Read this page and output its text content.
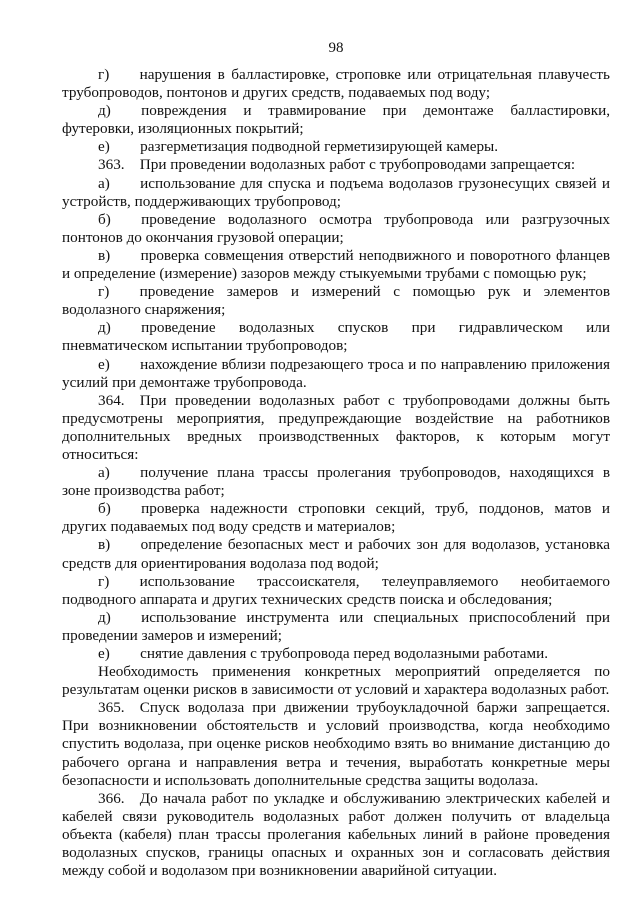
98

г)  нарушения в балластировке, строповке или отрицательная плавучесть трубопроводов, понтонов и других средств, подаваемых под воду;

д)  повреждения и травмирование при демонтаже балластировки, футеровки, изоляционных покрытий;

е)  разгерметизация подводной герметизирующей камеры.

363. При проведении водолазных работ с трубопроводами запрещается:

а)  использование для спуска и подъема водолазов грузонесущих связей и устройств, поддерживающих трубопровод;

б)  проведение водолазного осмотра трубопровода или разгрузочных понтонов до окончания грузовой операции;

в)  проверка совмещения отверстий неподвижного и поворотного фланцев и определение (измерение) зазоров между стыкуемыми трубами с помощью рук;

г)  проведение замеров и измерений с помощью рук и элементов водолазного снаряжения;

д)  проведение водолазных спусков при гидравлическом или пневматическом испытании трубопроводов;

е)  нахождение вблизи подрезающего троса и по направлению приложения усилий при демонтаже трубопровода.

364. При проведении водолазных работ с трубопроводами должны быть предусмотрены мероприятия, предупреждающие воздействие на работников дополнительных вредных производственных факторов, к которым могут относиться:

а)  получение плана трассы пролегания трубопроводов, находящихся в зоне производства работ;

б)  проверка надежности строповки секций, труб, поддонов, матов и других подаваемых под воду средств и материалов;

в)  определение безопасных мест и рабочих зон для водолазов, установка средств для ориентирования водолаза под водой;

г)  использование трассоискателя, телеуправляемого необитаемого подводного аппарата и других технических средств поиска и обследования;

д)  использование инструмента или специальных приспособлений при проведении замеров и измерений;

е)  снятие давления с трубопровода перед водолазными работами.

Необходимость применения конкретных мероприятий определяется по результатам оценки рисков в зависимости от условий и характера водолазных работ.

365. Спуск водолаза при движении трубоукладочной баржи запрещается. При возникновении обстоятельств и условий производства, когда необходимо спустить водолаза, при оценке рисков необходимо взять во внимание дистанцию до рабочего органа и направления ветра и течения, выработать конкретные меры безопасности и использовать дополнительные средства защиты водолаза.

366. До начала работ по укладке и обслуживанию электрических кабелей и кабелей связи руководитель водолазных работ должен получить от владельца объекта (кабеля) план трассы пролегания кабельных линий в районе проведения водолазных спусков, границы опасных и охранных зон и согласовать действия между собой и водолазом при возникновении аварийной ситуации.
